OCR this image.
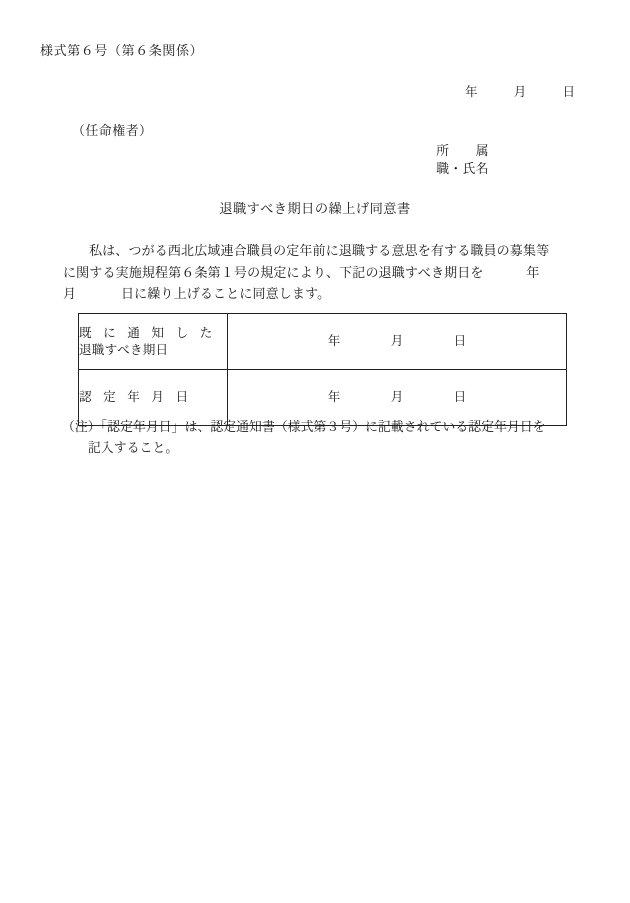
様式第６号（第６条関係）
年	月	日
（任命権者）
所　　属
職・氏名
退職すべき期日の繰上げ同意書
私は、つがる西北広域連合職員の定年前に退職する意思を有する職員の募集等
に関する実施規程第６条第１号の規定により、下記の退職すべき期日を	年
月	日に繰り上げることに同意します。
既 に 通 知 し た
退職すべき期日	年 月 日

認 定 年 月 日	年 月 日
（注）「認定年月日」は、認定通知書（様式第３号）に記載されている認定年月日を
記入すること。
